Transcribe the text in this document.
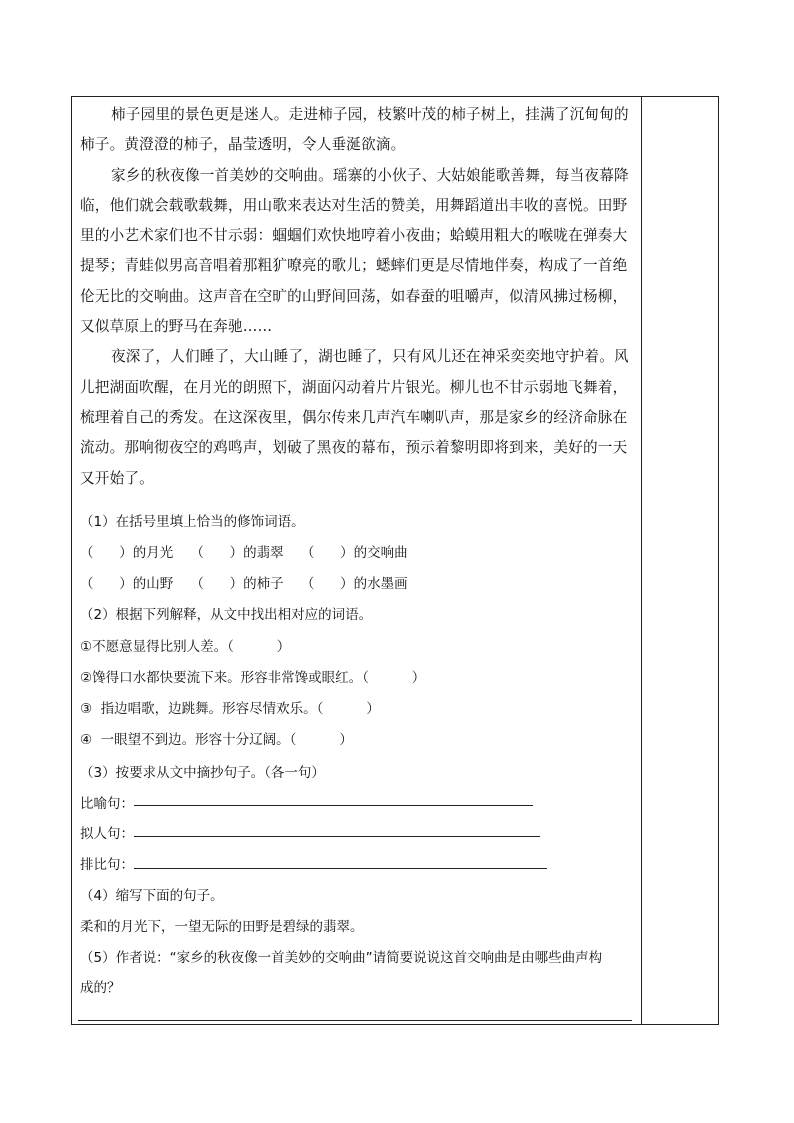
柿子园里的景色更是迷人。走进柿子园，枝繁叶茂的柿子树上，挂满了沉甸甸的柿子。黄澄澄的柿子，晶莹透明，令人垂涎欲滴。

家乡的秋夜像一首美妙的交响曲。瑶寨的小伙子、大姑娘能歌善舞，每当夜幕降临，他们就会载歌载舞，用山歌来表达对生活的赞美，用舞蹈道出丰收的喜悦。田野里的小艺术家们也不甘示弱：蝈蝈们欢快地哼着小夜曲；蛤蟆用粗大的喉咙在弹奏大提琴；青蛙似男高音唱着那粗犷嘹亮的歌儿；蟋蟀们更是尽情地伴奏，构成了一首绝伦无比的交响曲。这声音在空旷的山野间回荡，如春蚕的咀嚼声，似清风拂过杨柳，又似草原上的野马在奔驰……

夜深了，人们睡了，大山睡了，湖也睡了，只有风儿还在神采奕奕地守护着。风儿把湖面吹醒，在月光的朗照下，湖面闪动着片片银光。柳儿也不甘示弱地飞舞着，梳理着自己的秀发。在这深夜里，偶尔传来几声汽车喇叭声，那是家乡的经济命脉在流动。那响彻夜空的鸡鸣声，划破了黑夜的幕布，预示着黎明即将到来，美好的一天又开始了。

（1）在括号里填上恰当的修饰词语。
（      ）的月光    （      ）的翡翠    （      ）的交响曲
（      ）的山野    （      ）的柿子    （      ）的水墨画
（2）根据下列解释，从文中找出相对应的词语。
①不愿意显得比别人差。（          ）
②馋得口水都快要流下来。形容非常馋或眼红。（          ）
③  指边唱歌，边跳舞。形容尽情欢乐。（          ）
④  一眼望不到边。形容十分辽阔。（          ）
（3）按要求从文中摘抄句子。（各一句）
比喻句：
拟人句：
排比句：
（4）缩写下面的句子。
柔和的月光下，一望无际的田野是碧绿的翡翠。
（5）作者说：“家乡的秋夜像一首美妙的交响曲”请简要说说这首交响曲是由哪些曲声构
成的？
